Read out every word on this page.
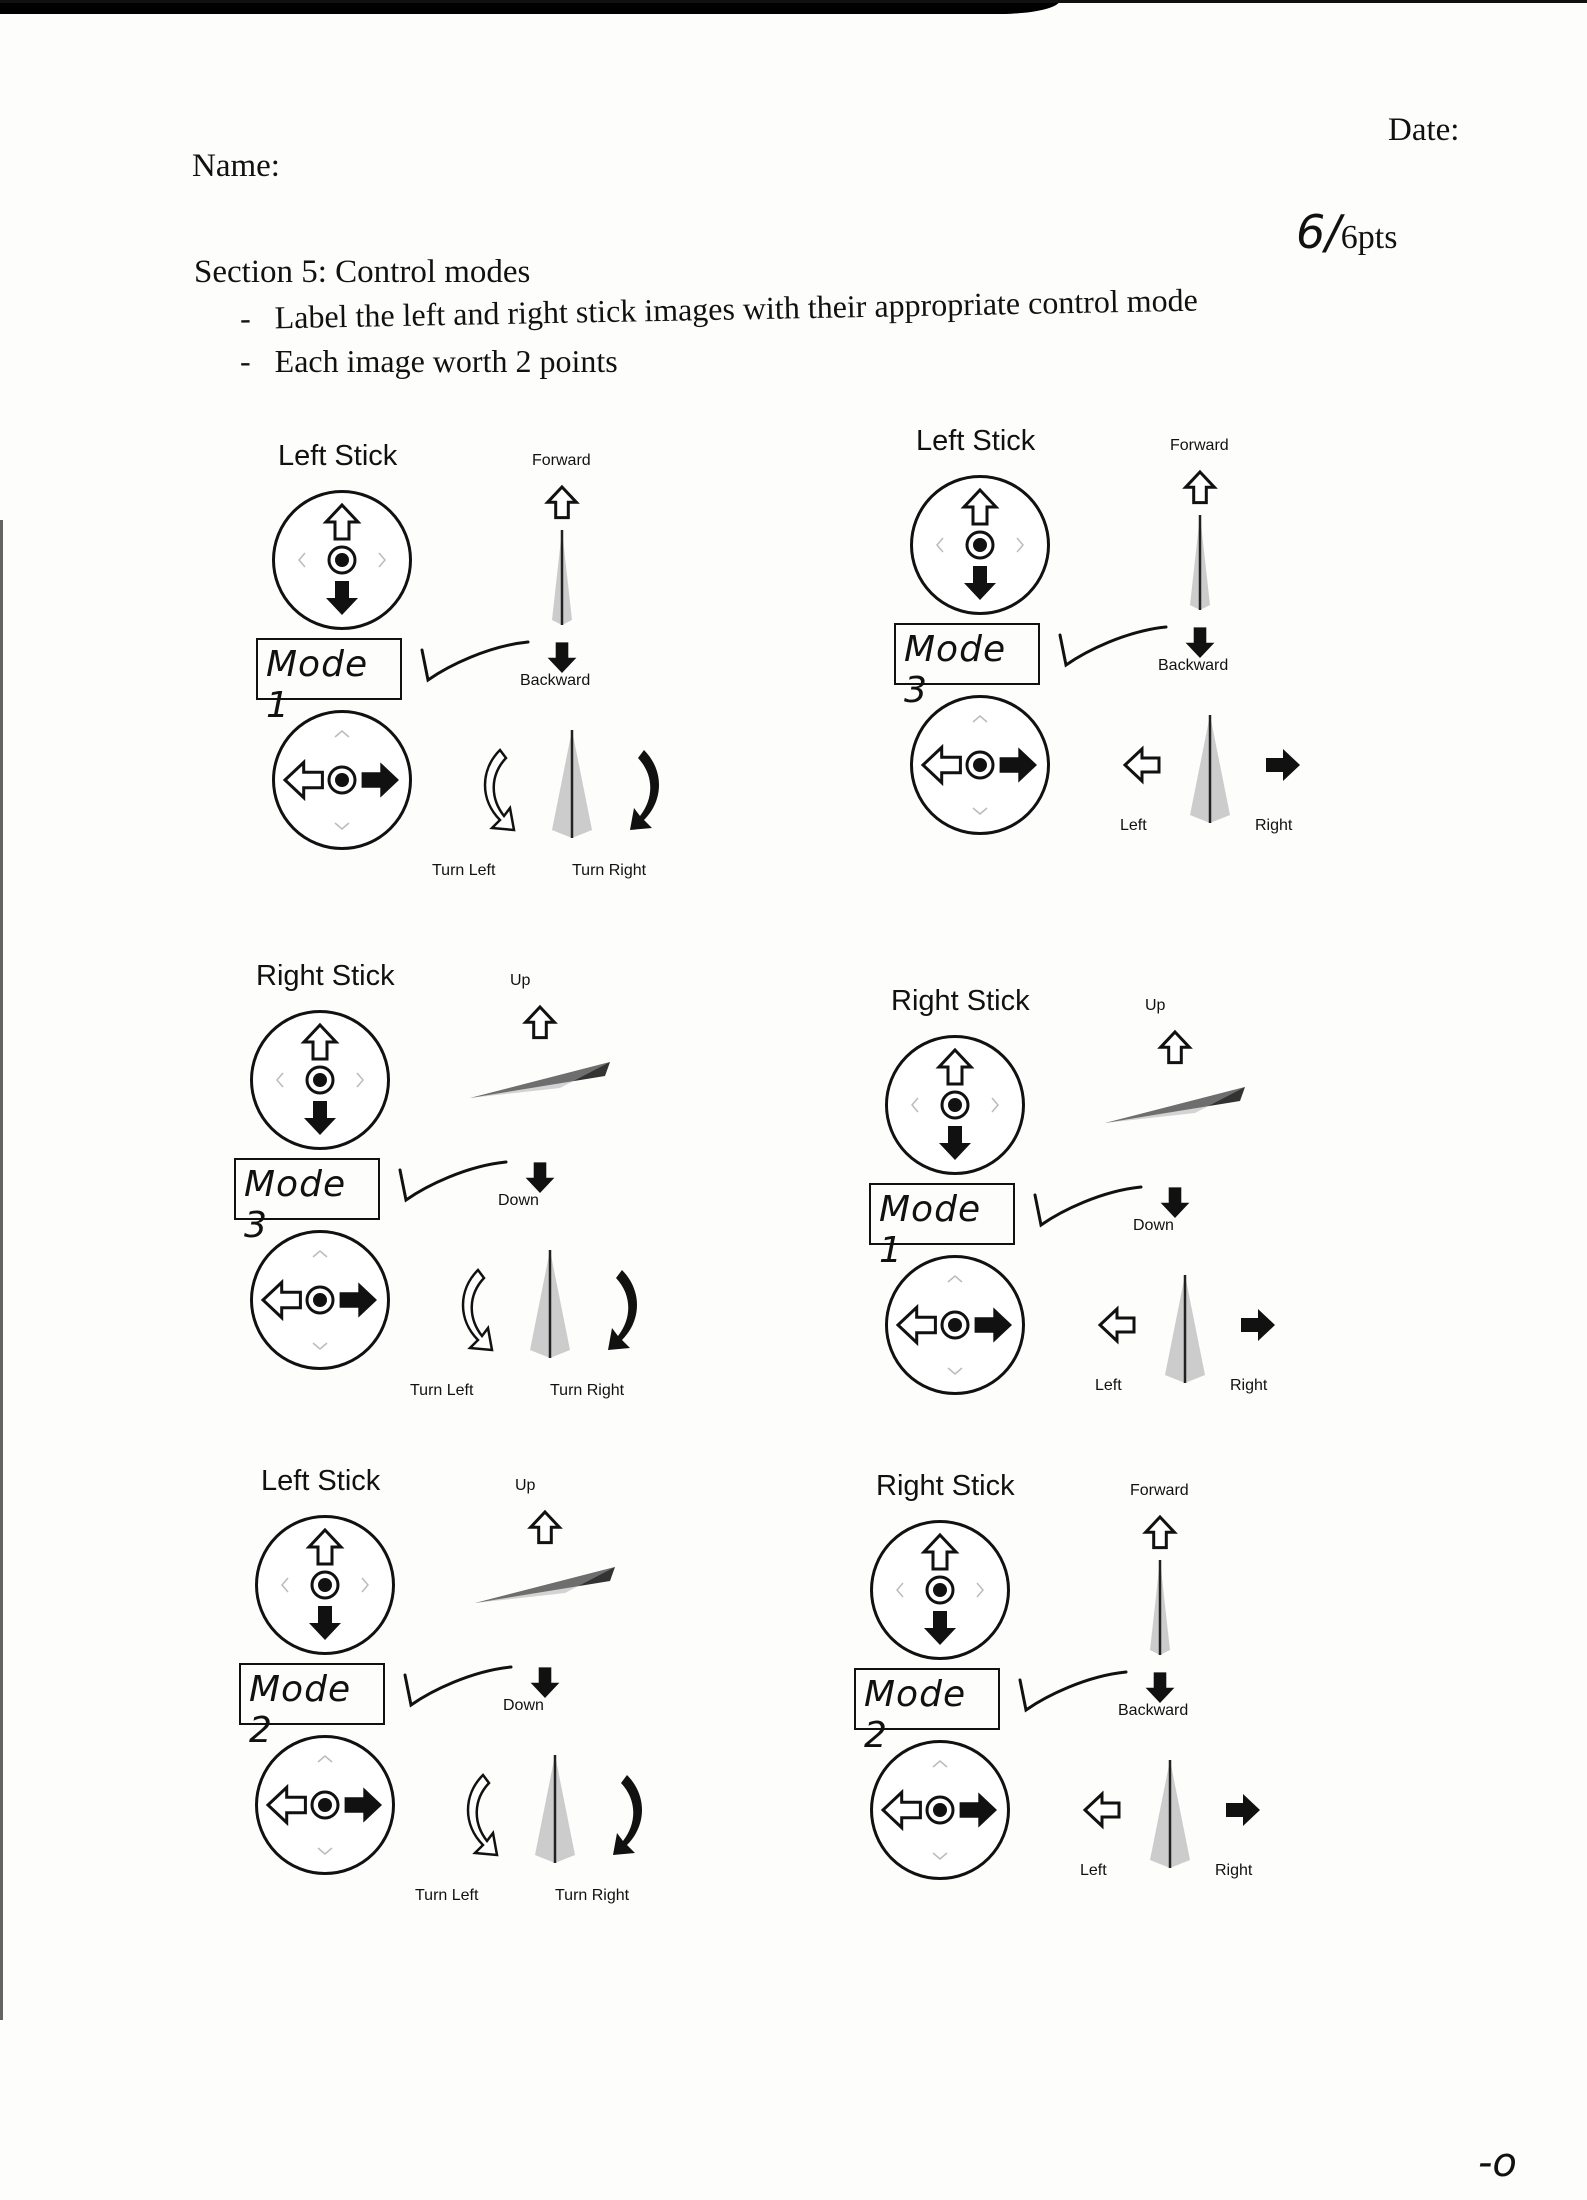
Name:
Date:
6/6pts
Section 5: Control modes
- Label the left and right stick images with their appropriate control mode
- Each image worth 2 points
Left Stick
Mode 1
Forward
Backward
Turn Left	Turn Right
Left Stick
Mode 3
Forward
Backward
Left	Right
Right Stick
Mode 3
Up
Down
Turn Left	Turn Right
Right Stick
Mode 1
Up
Down
Left	Right
Left Stick
Mode 2
Up
Down
Turn Left	Turn Right
Right Stick
Mode 2
Forward
Backward
Left	Right
-o
